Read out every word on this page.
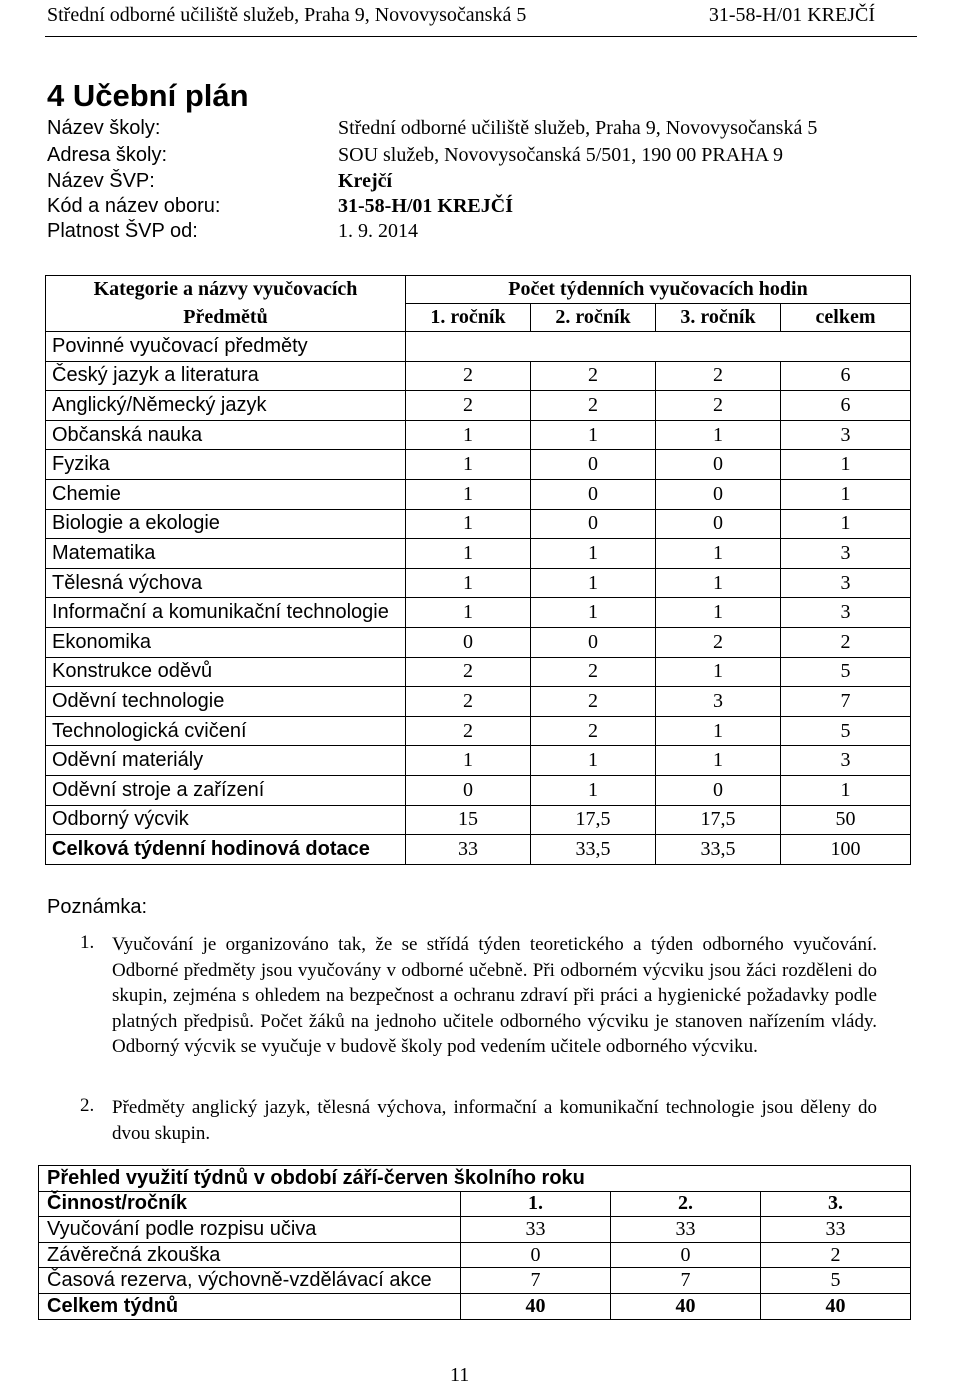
Střední odborné učiliště služeb, Praha 9, Novovysočanská 5	31-58-H/01 KREJČÍ
4 Učební plán
Název školy:	Střední odborné učiliště služeb, Praha 9, Novovysočanská 5
Adresa školy:	SOU služeb, Novovysočanská 5/501, 190 00 PRAHA 9
Název ŠVP:	Krejčí
Kód a název oboru:	31-58-H/01 KREJČÍ
Platnost ŠVP od:	1. 9. 2014
Kategorie a názvy vyučovacích	Počet týdenních vyučovacích hodin			
Předmětů	1. ročník	2. ročník	3. ročník	celkem
Povinné vyučovací předměty				
Český jazyk a literatura	2	2	2	6
Anglický/Německý jazyk	2	2	2	6
Občanská nauka	1	1	1	3
Fyzika	1	0	0	1
Chemie	1	0	0	1
Biologie a ekologie	1	0	0	1
Matematika	1	1	1	3
Tělesná výchova	1	1	1	3
Informační a komunikační technologie	1	1	1	3
Ekonomika	0	0	2	2
Konstrukce oděvů	2	2	1	5
Oděvní technologie	2	2	3	7
Technologická cvičení	2	2	1	5
Oděvní materiály	1	1	1	3
Oděvní stroje a zařízení	0	1	0	1
Odborný výcvik	15	17,5	17,5	50
Celková týdenní hodinová dotace	33	33,5	33,5	100
Poznámka:
1. Vyučování je organizováno tak, že se střídá týden teoretického a týden odborného vyučování. Odborné předměty jsou vyučovány v odborné učebně. Při odborném výcviku jsou žáci rozděleni do skupin, zejména s ohledem na bezpečnost a ochranu zdraví při práci a hygienické požadavky podle platných předpisů. Počet žáků na jednoho učitele odborného výcviku je stanoven nařízením vlády. Odborný výcvik se vyučuje v budově školy pod vedením učitele odborného výcviku.
2. Předměty anglický jazyk, tělesná výchova, informační a komunikační technologie jsou děleny do dvou skupin.
Přehled využití týdnů v období září-červen školního roku			
Činnost/ročník	1.	2.	3.
Vyučování podle rozpisu učiva	33	33	33
Závěrečná zkouška	0	0	2
Časová rezerva, výchovně-vzdělávací akce	7	7	5
Celkem týdnů	40	40	40
11
